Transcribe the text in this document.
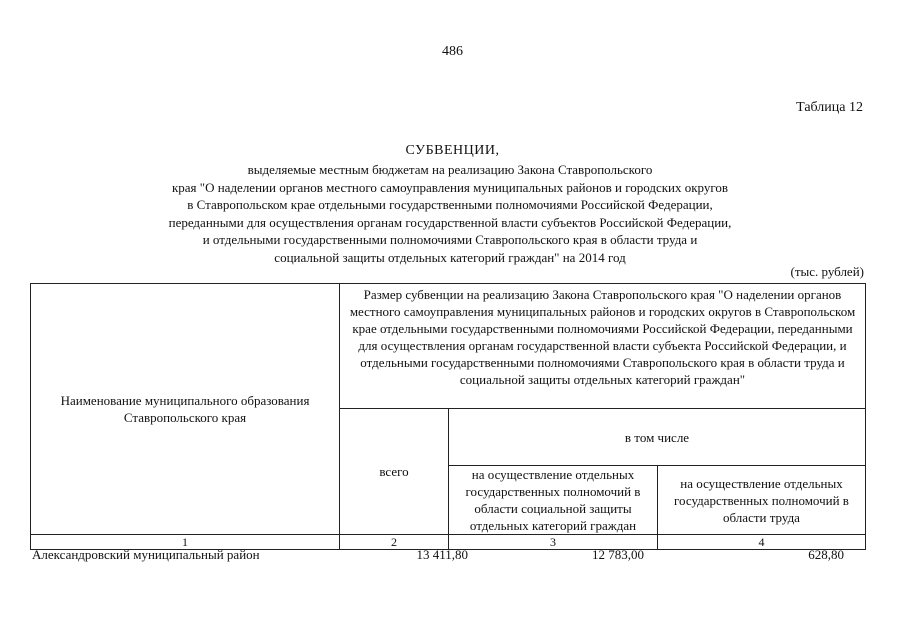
486
Таблица 12
СУБВЕНЦИИ,
выделяемые местным бюджетам на реализацию Закона Ставропольского
края "О наделении органов местного самоуправления муниципальных районов и городских округов
в Ставропольском крае отдельными государственными полномочиями Российской Федерации,
переданными для осуществления органам государственной власти субъектов Российской Федерации,
и отдельными государственными полномочиями Ставропольского края в области труда и
социальной защиты отдельных категорий граждан" на 2014 год
(тыс. рублей)
Наименование муниципального образования Ставропольского края	Размер субвенции на реализацию Закона Ставропольского края "О наделении органов местного самоуправления муниципальных районов и городских округов в Ставропольском крае отдельными государственными полномочиями Российской Федерации, переданными для осуществления органам государственной власти субъекта Российской Федерации, и отдельными государственными полномочиями Ставропольского края в области труда и социальной защиты отдельных категорий граждан"		
	всего	в том числе	
		на осуществление отдельных государственных полномочий в области социальной защиты отдельных категорий граждан	на осуществление отдельных государственных полномочий в области труда
1	2	3	4
Александровский муниципальный район	13 411,80	12 783,00	628,80
